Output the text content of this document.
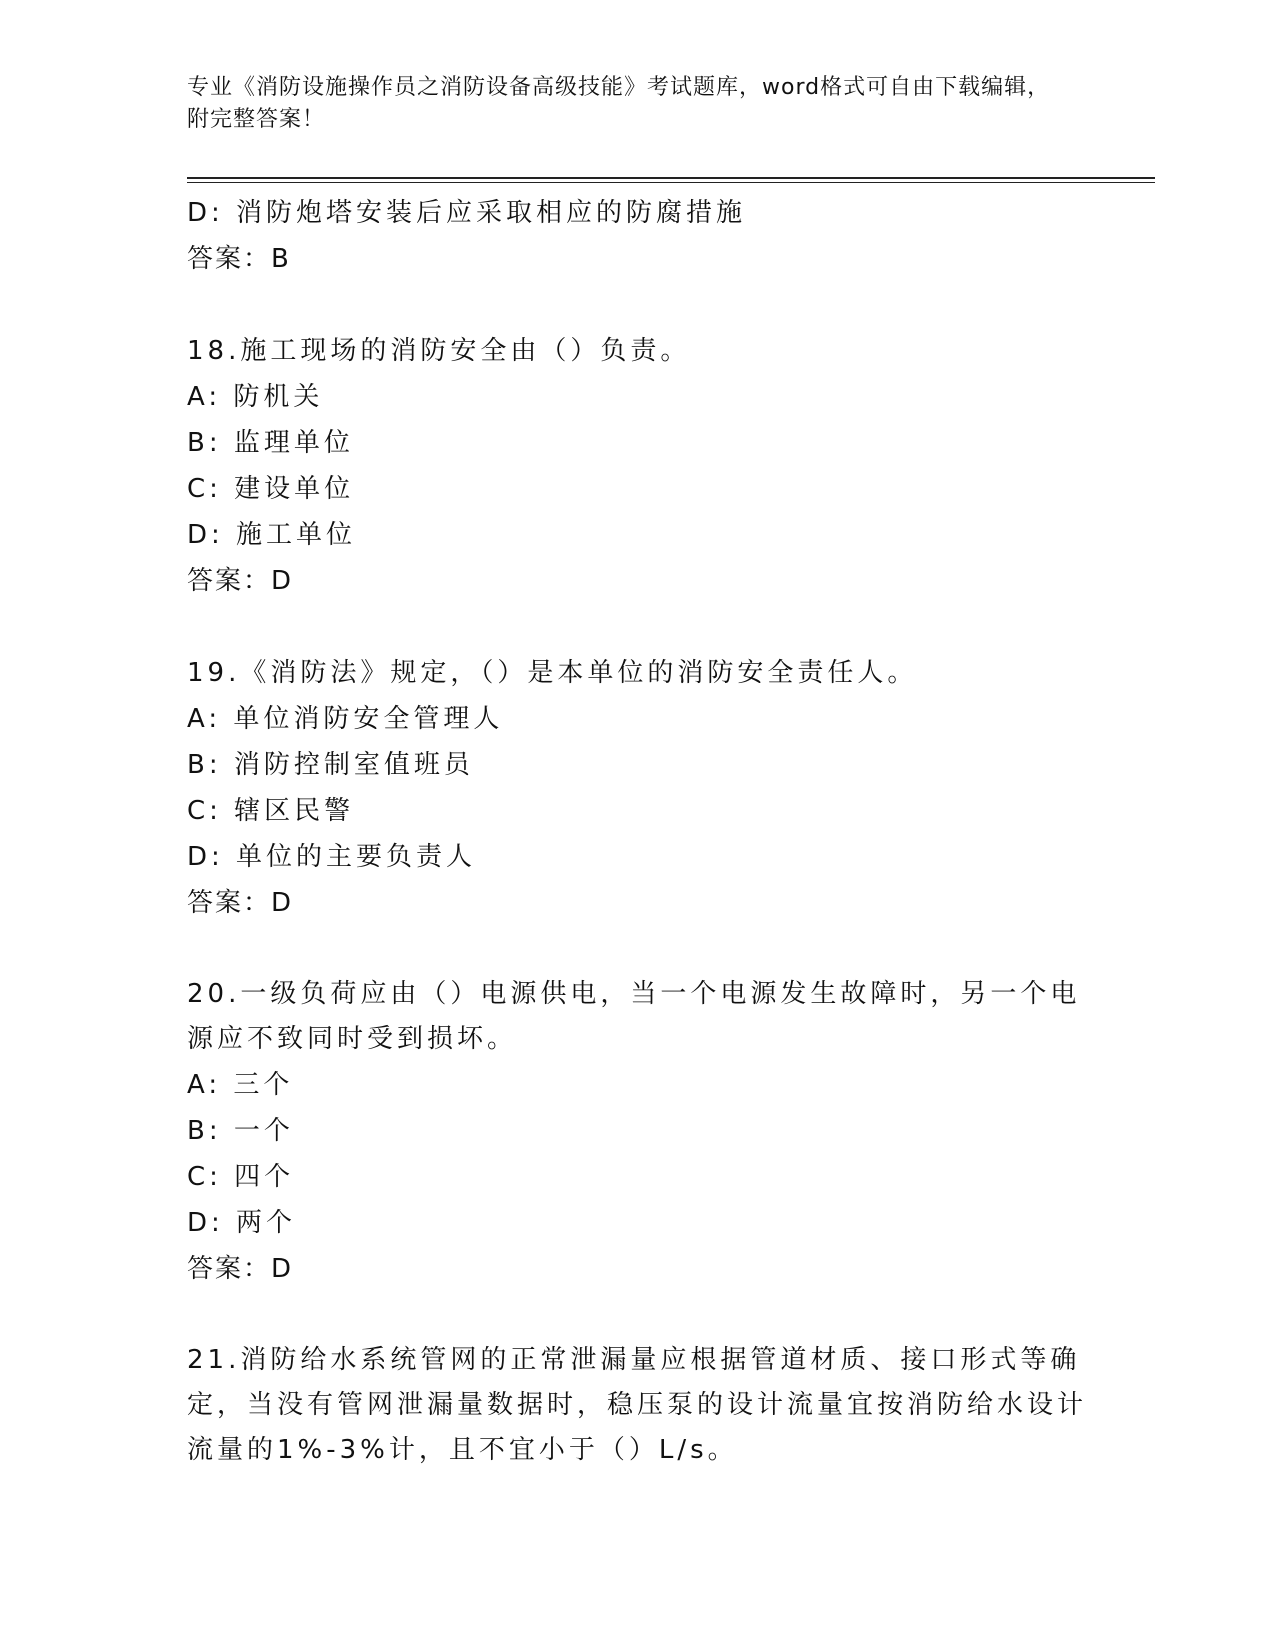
专业《消防设施操作员之消防设备高级技能》考试题库，word格式可自由下载编辑，附完整答案！
D: 消防炮塔安装后应采取相应的防腐措施
答案：B
18.施工现场的消防安全由（）负责。
A: 防机关
B: 监理单位
C: 建设单位
D: 施工单位
答案：D
19.《消防法》规定，（）是本单位的消防安全责任人。
A: 单位消防安全管理人
B: 消防控制室值班员
C: 辖区民警
D: 单位的主要负责人
答案：D
20.一级负荷应由（）电源供电，当一个电源发生故障时，另一个电源应不致同时受到损坏。
A: 三个
B: 一个
C: 四个
D: 两个
答案：D
21.消防给水系统管网的正常泄漏量应根据管道材质、接口形式等确定，当没有管网泄漏量数据时，稳压泵的设计流量宜按消防给水设计流量的1%-3%计，且不宜小于（）L/s。
